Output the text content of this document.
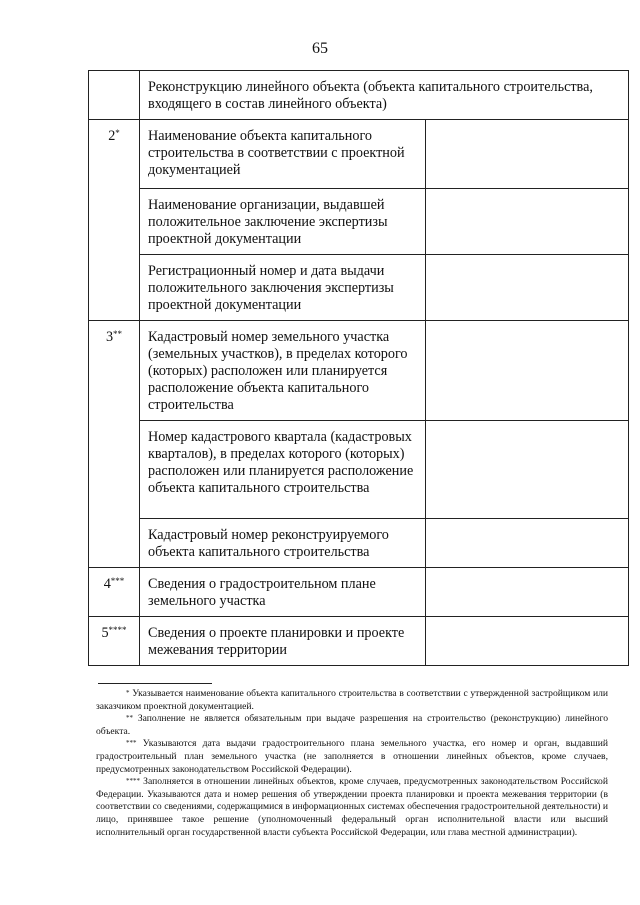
65
	Реконструкцию линейного объекта (объекта капитального строительства, входящего в состав линейного объекта)	
2*	Наименование объекта капитального строительства в соответствии с проектной документацией	
	Наименование организации, выдавшей положительное заключение экспертизы проектной документации	
	Регистрационный номер и дата выдачи положительного заключения экспертизы проектной документации	
3**	Кадастровый номер земельного участка (земельных участков), в пределах которого (которых) расположен или планируется расположение объекта капитального строительства	
	Номер кадастрового квартала (кадастровых кварталов), в пределах которого (которых) расположен или планируется расположение объекта капитального строительства	
	Кадастровый номер реконструируемого объекта капитального строительства	
4***	Сведения о градостроительном плане земельного участка	
5****	Сведения о проекте планировки и проекте межевания территории	

* Указывается наименование объекта капитального строительства в соответствии с утвержденной застройщиком или заказчиком проектной документацией.

** Заполнение не является обязательным при выдаче разрешения на строительство (реконструкцию) линейного объекта.

*** Указываются дата выдачи градостроительного плана земельного участка, его номер и орган, выдавший градостроительный план земельного участка (не заполняется в отношении линейных объектов, кроме случаев, предусмотренных законодательством Российской Федерации).

**** Заполняется в отношении линейных объектов, кроме случаев, предусмотренных законодательством Российской Федерации. Указываются дата и номер решения об утверждении проекта планировки и проекта межевания территории (в соответствии со сведениями, содержащимися в информационных системах обеспечения градостроительной деятельности) и лицо, принявшее такое решение (уполномоченный федеральный орган исполнительной власти или высший исполнительный орган государственной власти субъекта Российской Федерации, или глава местной администрации).
